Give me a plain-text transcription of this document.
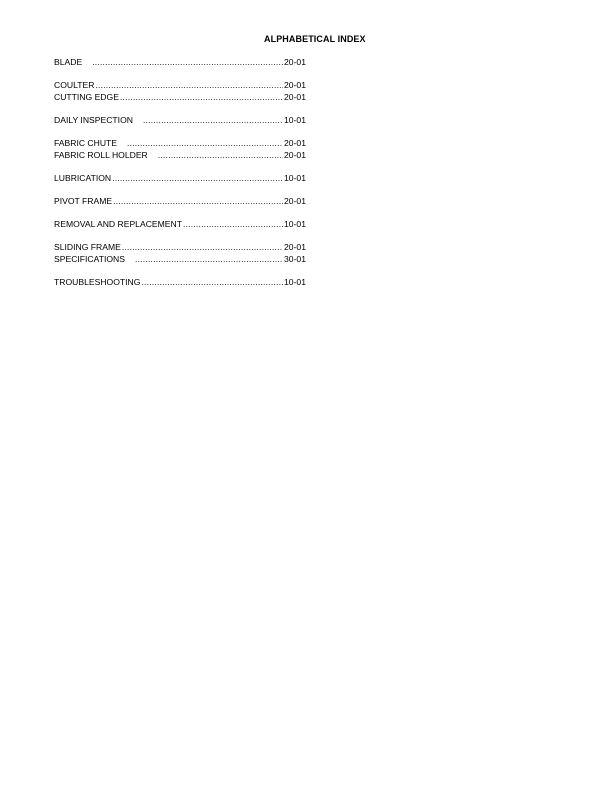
ALPHABETICAL INDEX
BLADE .....	20-01
COULTER .....	20-01
CUTTING EDGE .....	20-01
DAILY INSPECTION .....	10-01
FABRIC CHUTE .....	20-01
FABRIC ROLL HOLDER .....	20-01
LUBRICATION .....	10-01
PIVOT FRAME .....	20-01
REMOVAL AND REPLACEMENT .....	10-01
SLIDING FRAME .....	20-01
SPECIFICATIONS .....	30-01
TROUBLESHOOTING .....	10-01
